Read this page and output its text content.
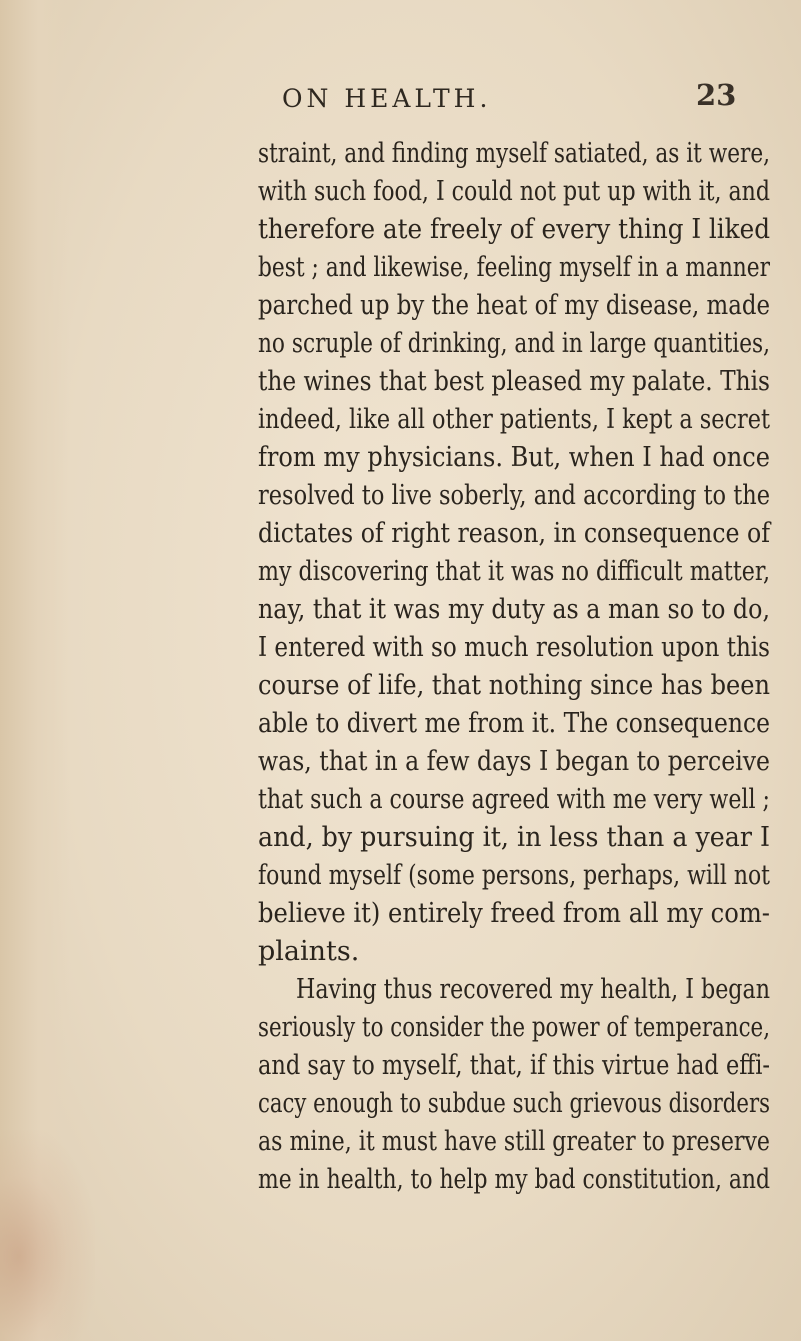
ON HEALTH.	23
straint, and finding myself satiated, as it were,
with such food, I could not put up with it, and
therefore ate freely of every thing I liked
best ; and likewise, feeling myself in a manner
parched up by the heat of my disease, made
no scruple of drinking, and in large quantities,
the wines that best pleased my palate. This
indeed, like all other patients, I kept a secret
from my physicians. But, when I had once
resolved to live soberly, and according to the
dictates of right reason, in consequence of
my discovering that it was no difficult matter,
nay, that it was my duty as a man so to do,
I entered with so much resolution upon this
course of life, that nothing since has been
able to divert me from it. The consequence
was, that in a few days I began to perceive
that such a course agreed with me very well ;
and, by pursuing it, in less than a year I
found myself (some persons, perhaps, will not
believe it) entirely freed from all my com-
plaints.
Having thus recovered my health, I began
seriously to consider the power of temperance,
and say to myself, that, if this virtue had effi-
cacy enough to subdue such grievous disorders
as mine, it must have still greater to preserve
me in health, to help my bad constitution, and
